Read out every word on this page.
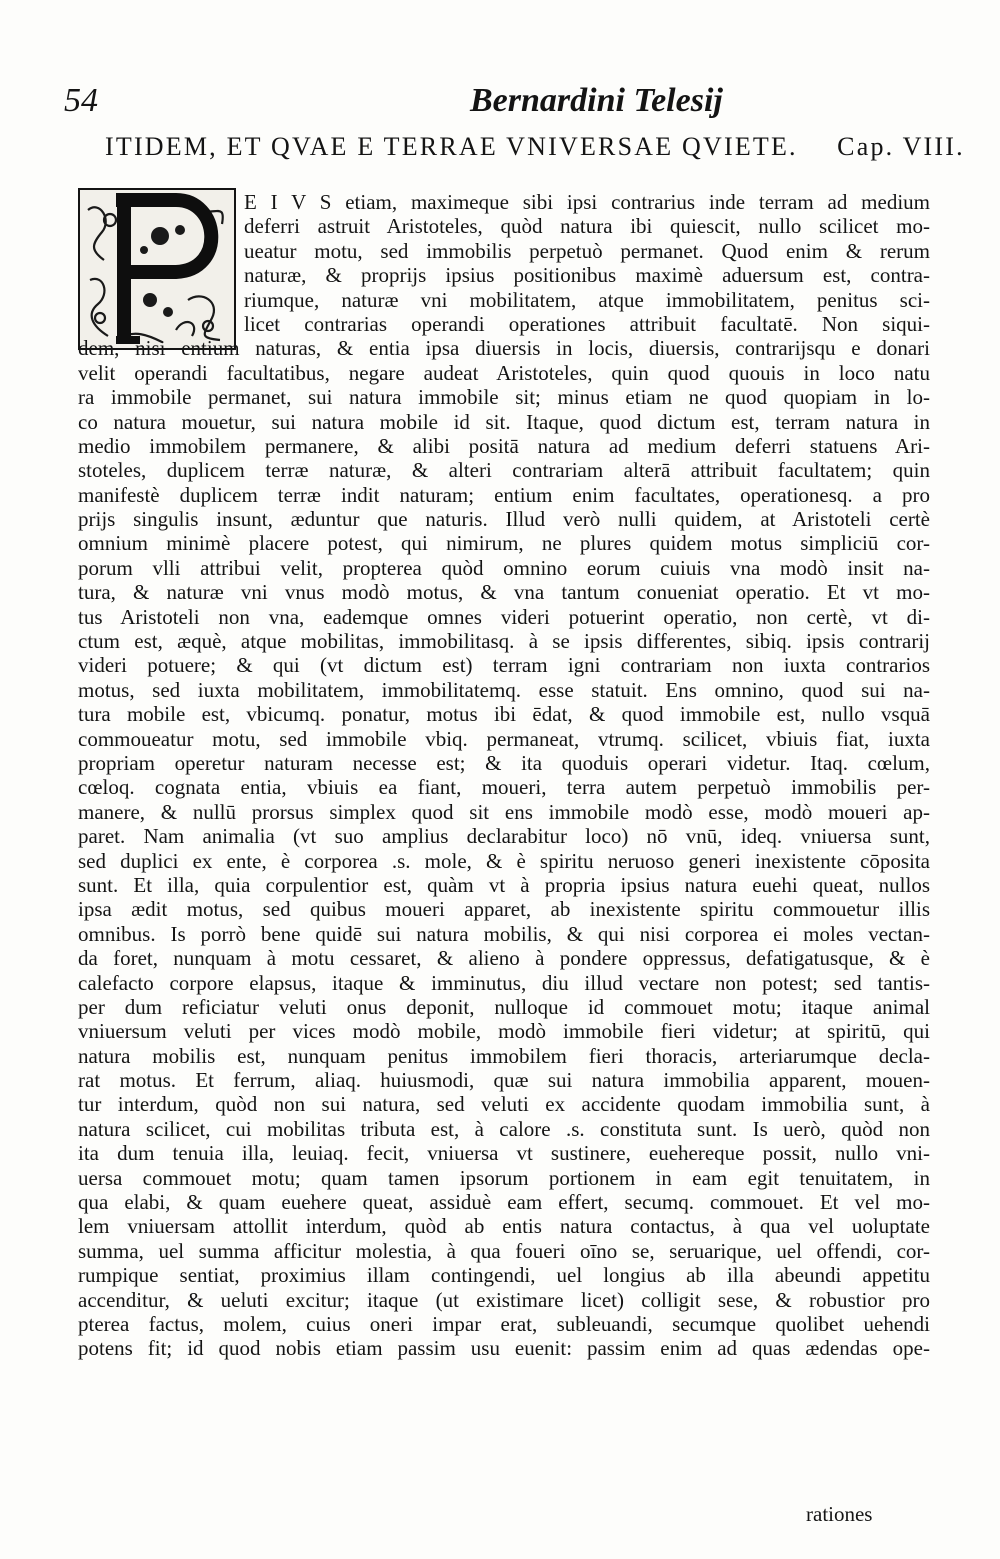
54	Bernardini Telesij
ITIDEM, ET QVAE E TERRAE VNIVERSAE QVIETE. Cap. VIII.
E I V S etiam, maximeque sibi ipsi contrarius inde terram ad medium
deferri astruit Aristoteles, quòd natura ibi quiescit, nullo scilicet mo-
ueatur motu, sed immobilis perpetuò permanet. Quod enim & rerum
naturæ, & proprijs ipsius positionibus maximè aduersum est, contra-
riumque, naturæ vni mobilitatem, atque immobilitatem, penitus sci-
licet contrarias operandi operationes attribuit facultatē. Non siqui-
dem, nisi entium naturas, & entia ipsa diuersis in locis, diuersis, contrarijsqu e donari
velit operandi facultatibus, negare audeat Aristoteles, quin quod quouis in loco natu
ra immobile permanet, sui natura immobile sit; minus etiam ne quod quopiam in lo-
co natura mouetur, sui natura mobile id sit. Itaque, quod dictum est, terram natura in
medio immobilem permanere, & alibi positā natura ad medium deferri statuens Ari-
stoteles, duplicem terræ naturæ, & alteri contrariam alterā attribuit facultatem; quin
manifestè duplicem terræ indit naturam; entium enim facultates, operationesq. a pro
prijs singulis insunt, æduntur que naturis. Illud verò nulli quidem, at Aristoteli certè
omnium minimè placere potest, qui nimirum, ne plures quidem motus simpliciū cor-
porum vlli attribui velit, propterea quòd omnino eorum cuiuis vna modò insit na-
tura, & naturæ vni vnus modò motus, & vna tantum conueniat operatio. Et vt mo-
tus Aristoteli non vna, eademque omnes videri potuerint operatio, non certè, vt di-
ctum est, æquè, atque mobilitas, immobilitasq. à se ipsis differentes, sibiq. ipsis contrarij
videri potuere; & qui (vt dictum est) terram igni contrariam non iuxta contrarios
motus, sed iuxta mobilitatem, immobilitatemq. esse statuit. Ens omnino, quod sui na-
tura mobile est, vbicumq. ponatur, motus ibi ēdat, & quod immobile est, nullo vsquā
commoueatur motu, sed immobile vbiq. permaneat, vtrumq. scilicet, vbiuis fiat, iuxta
propriam operetur naturam necesse est; & ita quoduis operari videtur. Itaq. cœlum,
cœloq. cognata entia, vbiuis ea fiant, moueri, terra autem perpetuò immobilis per-
manere, & nullū prorsus simplex quod sit ens immobile modò esse, modò moueri ap-
paret. Nam animalia (vt suo amplius declarabitur loco) nō vnū, ideq. vniuersa sunt,
sed duplici ex ente, è corporea .s. mole, & è spiritu neruoso generi inexistente cōposita
sunt. Et illa, quia corpulentior est, quàm vt à propria ipsius natura euehi queat, nullos
ipsa ædit motus, sed quibus moueri apparet, ab inexistente spiritu commouetur illis
omnibus. Is porrò bene quidē sui natura mobilis, & qui nisi corporea ei moles vectan-
da foret, nunquam à motu cessaret, & alieno à pondere oppressus, defatigatusque, & è
calefacto corpore elapsus, itaque & imminutus, diu illud vectare non potest; sed tantis-
per dum reficiatur veluti onus deponit, nulloque id commouet motu; itaque animal
vniuersum veluti per vices modò mobile, modò immobile fieri videtur; at spiritū, qui
natura mobilis est, nunquam penitus immobilem fieri thoracis, arteriarumque decla-
rat motus. Et ferrum, aliaq. huiusmodi, quæ sui natura immobilia apparent, mouen-
tur interdum, quòd non sui natura, sed veluti ex accidente quodam immobilia sunt, à
natura scilicet, cui mobilitas tributa est, à calore .s. constituta sunt. Is uerò, quòd non
ita dum tenuia illa, leuiaq. fecit, vniuersa vt sustinere, euehereque possit, nullo vni-
uersa commouet motu; quam tamen ipsorum portionem in eam egit tenuitatem, in
qua elabi, & quam euehere queat, assiduè eam effert, secumq. commouet. Et vel mo-
lem vniuersam attollit interdum, quòd ab entis natura contactus, à qua vel uoluptate
summa, uel summa afficitur molestia, à qua foueri oīno se, seruarique, uel offendi, cor-
rumpique sentiat, proximius illam contingendi, uel longius ab illa abeundi appetitu
accenditur, & ueluti excitur; itaque (ut existimare licet) colligit sese, & robustior pro
pterea factus, molem, cuius oneri impar erat, subleuandi, secumque quolibet uehendi
potens fit; id quod nobis etiam passim usu euenit: passim enim ad quas ædendas ope-
rationes
